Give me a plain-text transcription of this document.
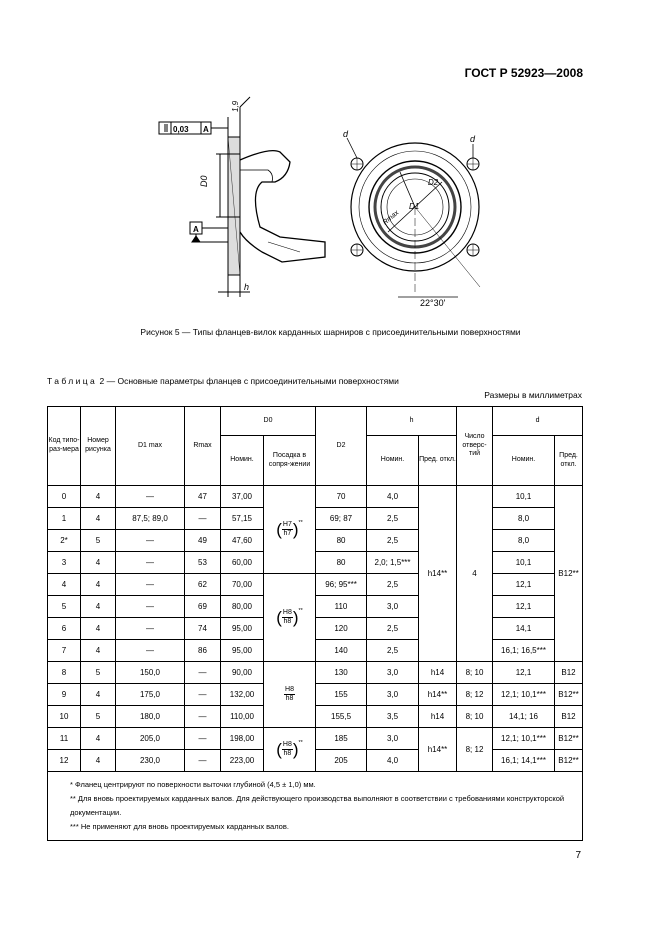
ГОСТ Р 52923—2008
0,03 A
A
D0
1,9
h
d	d
D2
D1
Rmax
22°30'
Рисунок 5 — Типы фланцев-вилок карданных шарниров с присоединительными поверхностями
Таблица 2 — Основные параметры фланцев с присоединительными поверхностями
Размеры в миллиметрах
Код типо-раз-мера	Номер рисунка	D1 max	Rmax	D0		D2	h		Число отверс-тий	d	
				Номин.	Посадка в сопря-жении		Номин.	Пред. откл.		Номин.	Пред. откл.
0	4	—	47	37,00	( $\frac{H7}{h7} )^{**}$	70	4,0	h14**	4	10,1	B12**
1	4	87,5; 89,0	—	57,15		69; 87	2,5			8,0	
2*	5	—	49	47,60		80	2,5			8,0	
3	4	—	53	60,00		80	2,0; 1,5***			10,1	
4	4	—	62	70,00	( $\frac{H8}{h8} )^{**}$	96; 95***	2,5			12,1	
5	4	—	69	80,00		110	3,0			12,1	
6	4	—	74	95,00		120	2,5			14,1	
7	4	—	86	95,00		140	2,5			16,1; 16,5***	
8	5	150,0	—	90,00	$\frac{H8}{h8}$	130	3,0	h14	8; 10	12,1	B12
9	4	175,0	—	132,00		155	3,0	h14**	8; 12	12,1; 10,1***	B12**
10	5	180,0	—	110,00		155,5	3,5	h14	8; 10	14,1; 16	B12
11	4	205,0	—	198,00	( $\frac{H8}{h8} )^{**}$	185	3,0	h14**	8; 12	12,1; 10,1***	B12**
12	4	230,0	—	223,00		205	4,0			16,1; 14,1***	B12**

* Фланец центрируют по поверхности выточки глубиной (4,5 ± 1,0) мм.
** Для вновь проектируемых карданных валов. Для действующего производства выполняют в соответствии с требованиями конструкторской документации.
*** Не применяют для вновь проектируемых карданных валов.											
7
